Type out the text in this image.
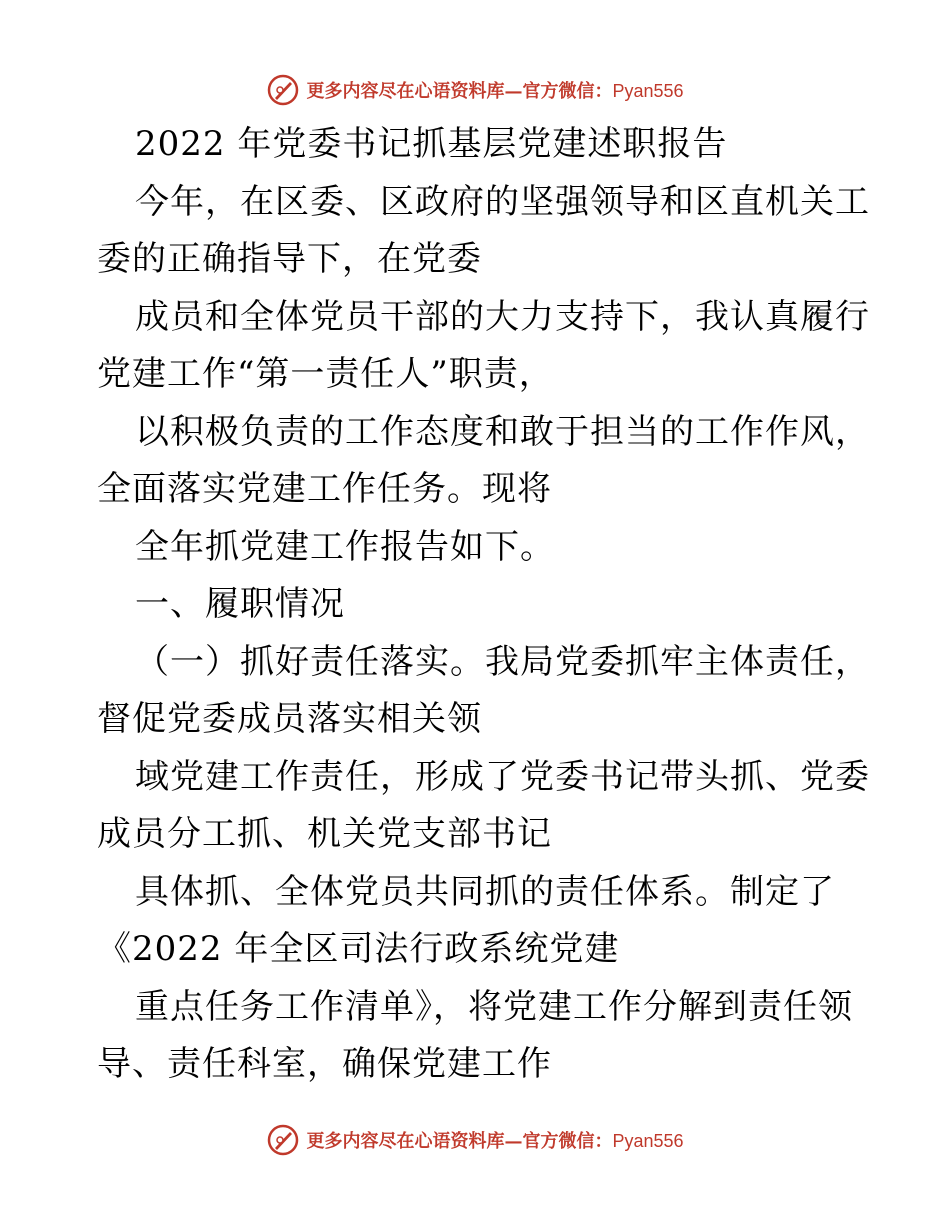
更多内容尽在心语资料库—官方微信：Pyan556
2022 年党委书记抓基层党建述职报告
今年，在区委、区政府的坚强领导和区直机关工
委的正确指导下，在党委
成员和全体党员干部的大力支持下，我认真履行
党建工作“第一责任人”职责，
以积极负责的工作态度和敢于担当的工作作风，
全面落实党建工作任务。现将
全年抓党建工作报告如下。
一、履职情况
（一）抓好责任落实。我局党委抓牢主体责任，
督促党委成员落实相关领
域党建工作责任，形成了党委书记带头抓、党委
成员分工抓、机关党支部书记
具体抓、全体党员共同抓的责任体系。制定了
《2022 年全区司法行政系统党建
重点任务工作清单》，将党建工作分解到责任领
导、责任科室，确保党建工作
更多内容尽在心语资料库—官方微信：Pyan556
